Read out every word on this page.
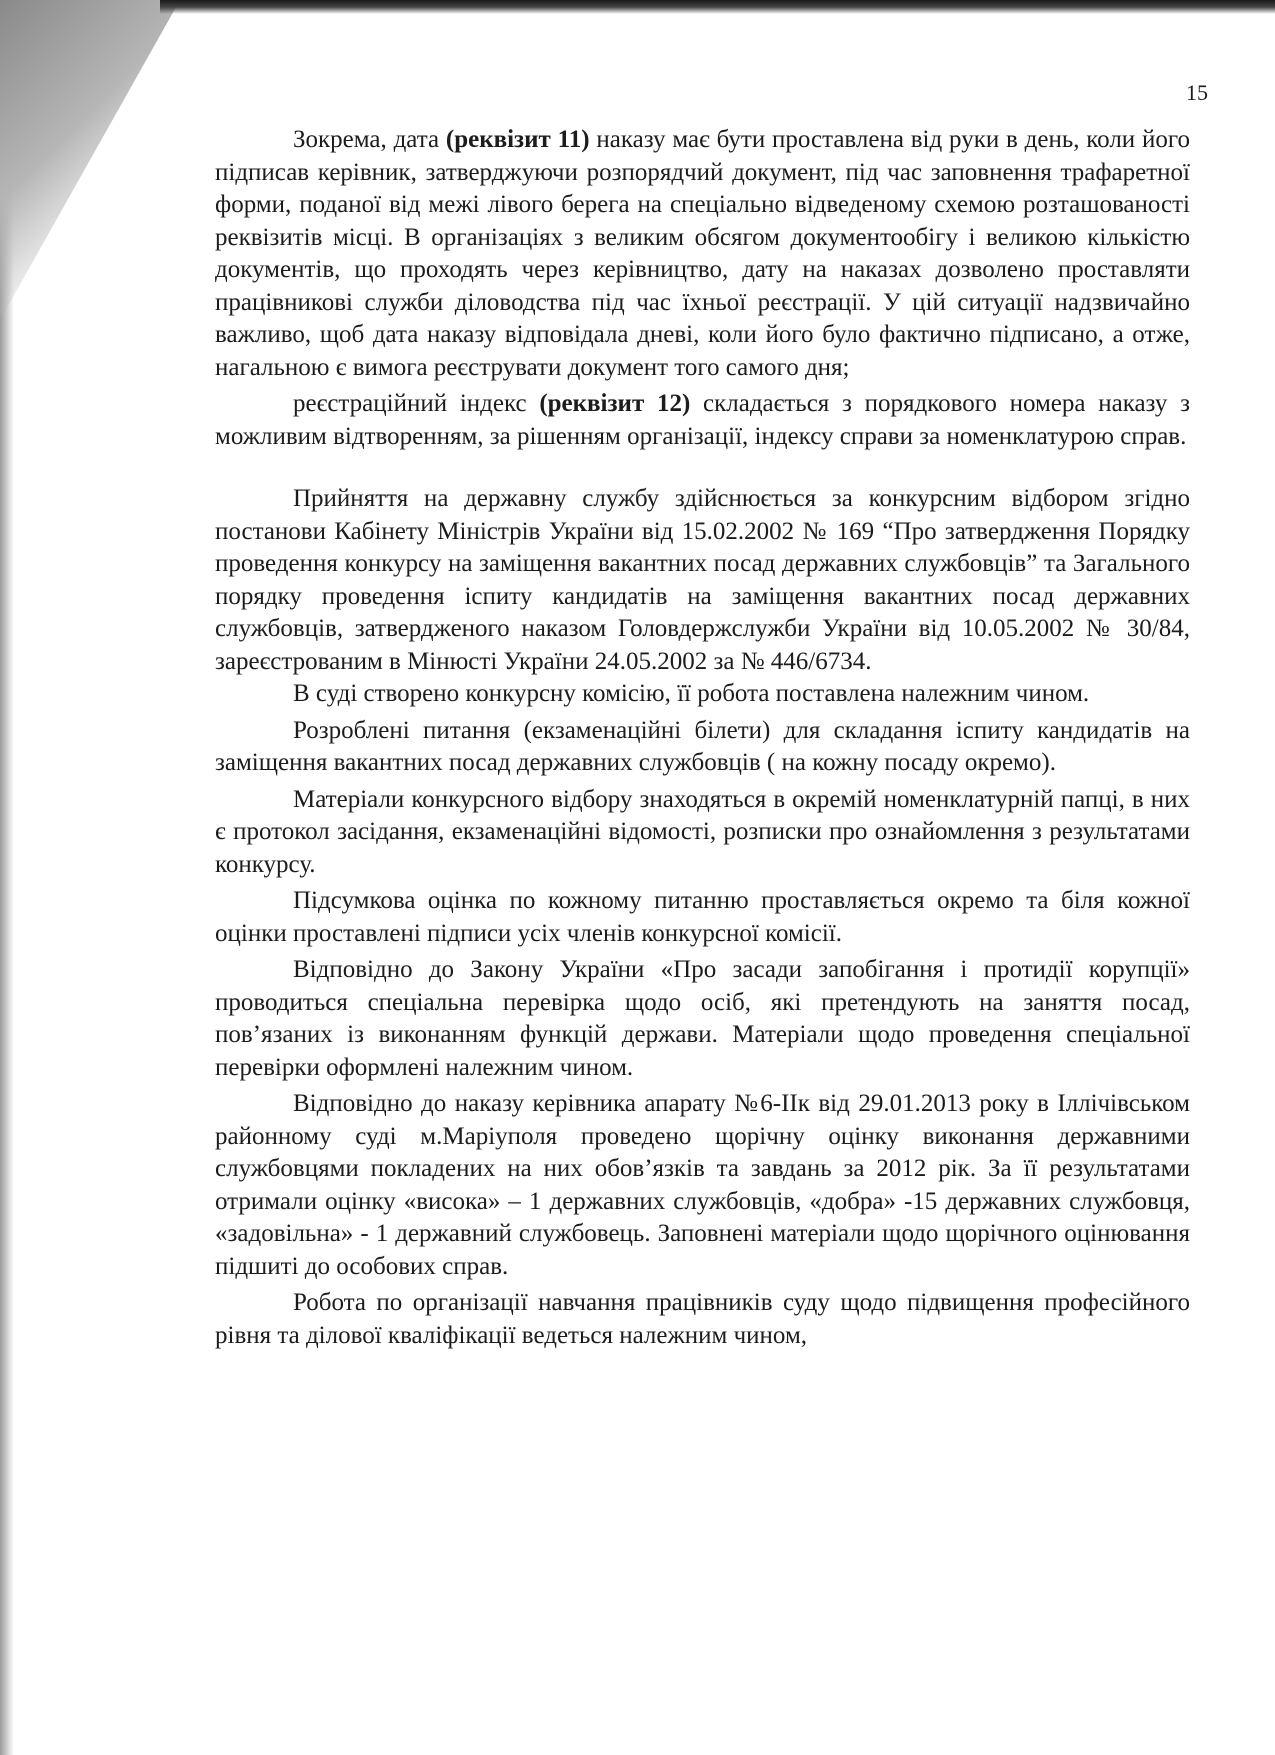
15

Зокрема, дата (реквізит 11) наказу має бути проставлена від руки в день, коли його підписав керівник, затверджуючи розпорядчий документ, під час заповнення трафаретної форми, поданої від межі лівого берега на спеціально відведеному схемою розташованості реквізитів місці. В організаціях з великим обсягом документообігу і великою кількістю документів, що проходять через керівництво, дату на наказах дозволено проставляти працівникові служби діловодства під час їхньої реєстрації. У цій ситуації надзвичайно важливо, щоб дата наказу відповідала дневі, коли його було фактично підписано, а отже, нагальною є вимога реєструвати документ того самого дня;

реєстраційний індекс (реквізит 12) складається з порядкового номера наказу з можливим відтворенням, за рішенням організації, індексу справи за номенклатурою справ.

Прийняття на державну службу здійснюється за конкурсним відбором згідно постанови Кабінету Міністрів України від 15.02.2002 № 169 “Про затвердження Порядку проведення конкурсу на заміщення вакантних посад державних службовців” та Загального порядку проведення іспиту кандидатів на заміщення вакантних посад державних службовців, затвердженого наказом Головдержслужби України від 10.05.2002 № 30/84, зареєстрованим в Мінюсті України 24.05.2002 за № 446/6734.

В суді створено конкурсну комісію, її робота поставлена належним чином.

Розроблені питання (екзаменаційні білети) для складання іспиту кандидатів на заміщення вакантних посад державних службовців ( на кожну посаду окремо).

Матеріали конкурсного відбору знаходяться в окремій номенклатурній папці, в них є протокол засідання, екзаменаційні відомості, розписки про ознайомлення з результатами конкурсу.

Підсумкова оцінка по кожному питанню проставляється окремо та біля кожної оцінки проставлені підписи усіх членів конкурсної комісії.

Відповідно до Закону України «Про засади запобігання і протидії корупції» проводиться спеціальна перевірка щодо осіб, які претендують на заняття посад, пов’язаних із виконанням функцій держави. Матеріали щодо проведення спеціальної перевірки оформлені належним чином.

Відповідно до наказу керівника апарату №6-ІІк від 29.01.2013 року в Іллічівськом районному суді м.Маріуполя проведено щорічну оцінку виконання державними службовцями покладених на них обов’язків та завдань за 2012 рік. За її результатами отримали оцінку «висока» – 1 державних службовців, «добра» -15 державних службовця, «задовільна» - 1 державний службовець. Заповнені матеріали щодо щорічного оцінювання підшиті до особових справ.

Робота по організації навчання працівників суду щодо підвищення професійного рівня та ділової кваліфікації ведеться належним чином,
